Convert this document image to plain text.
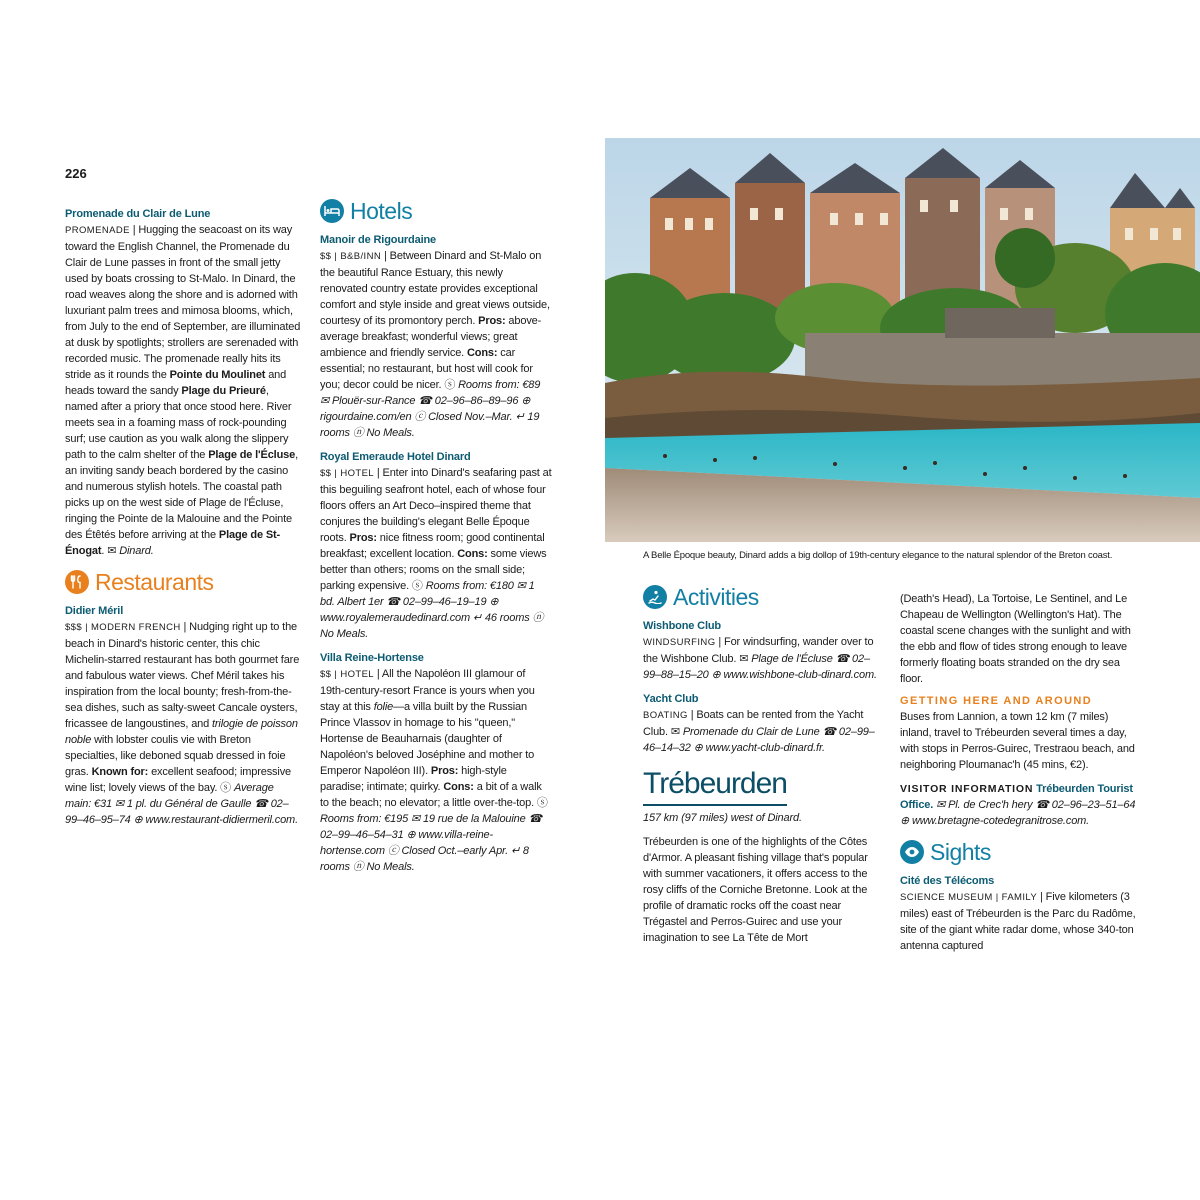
226

Promenade du Clair de Lune
PROMENADE | Hugging the seacoast on its way toward the English Channel, the Promenade du Clair de Lune passes in front of the small jetty used by boats crossing to St-Malo. In Dinard, the road weaves along the shore and is adorned with luxuriant palm trees and mimosa blooms, which, from July to the end of September, are illuminated at dusk by spotlights; strollers are serenaded with recorded music. The promenade really hits its stride as it rounds the Pointe du Moulinet and heads toward the sandy Plage du Prieuré, named after a priory that once stood here. River meets sea in a foaming mass of rock-pounding surf; use caution as you walk along the slippery path to the calm shelter of the Plage de l'Écluse, an inviting sandy beach bordered by the casino and numerous stylish hotels. The coastal path picks up on the west side of Plage de l'Écluse, ringing the Pointe de la Malouine and the Pointe des Étêtés before arriving at the Plage de St-Énogat. ✉ Dinard.

Restaurants

Didier Méril
$$$ | MODERN FRENCH | Nudging right up to the beach in Dinard's historic center, this chic Michelin-starred restaurant has both gourmet fare and fabulous water views. Chef Méril takes his inspiration from the local bounty; fresh-from-the-sea dishes, such as salty-sweet Cancale oysters, fricassee de langoustines, and trilogie de poisson noble with lobster coulis vie with Breton specialties, like deboned squab dressed in foie gras. Known for: excellent seafood; impressive wine list; lovely views of the bay. ⓢ Average main: €31 ✉ 1 pl. du Général de Gaulle ☎ 02–99–46–95–74 ⊕ www.restaurant-didiermeril.com.

Hotels

Manoir de Rigourdaine
$$ | B&B/INN | Between Dinard and St-Malo on the beautiful Rance Estuary, this newly renovated country estate provides exceptional comfort and style inside and great views outside, courtesy of its promontory perch. Pros: above-average breakfast; wonderful views; great ambience and friendly service. Cons: car essential; no restaurant, but host will cook for you; decor could be nicer. ⓢ Rooms from: €89 ✉ Plouër-sur-Rance ☎ 02–96–86–89–96 ⊕ rigourdaine.com/en ⓒ Closed Nov.–Mar. ↵ 19 rooms ⓝ No Meals.

Royal Emeraude Hotel Dinard
$$ | HOTEL | Enter into Dinard's seafaring past at this beguiling seafront hotel, each of whose four floors offers an Art Deco–inspired theme that conjures the building's elegant Belle Époque roots. Pros: nice fitness room; good continental breakfast; excellent location. Cons: some views better than others; rooms on the small side; parking expensive. ⓢ Rooms from: €180 ✉ 1 bd. Albert 1er ☎ 02–99–46–19–19 ⊕ www.royalemeraudedinard.com ↵ 46 rooms ⓝ No Meals.

Villa Reine-Hortense
$$ | HOTEL | All the Napoléon III glamour of 19th-century-resort France is yours when you stay at this folie—a villa built by the Russian Prince Vlassov in homage to his "queen," Hortense de Beauharnais (daughter of Napoléon's beloved Joséphine and mother to Emperor Napoléon III). Pros: high-style paradise; intimate; quirky. Cons: a bit of a walk to the beach; no elevator; a little over-the-top. ⓢ Rooms from: €195 ✉ 19 rue de la Malouine ☎ 02–99–46–54–31 ⊕ www.villa-reine-hortense.com ⓒ Closed Oct.–early Apr. ↵ 8 rooms ⓝ No Meals.

A Belle Époque beauty, Dinard adds a big dollop of 19th-century elegance to the natural splendor of the Breton coast.
Activities

Wishbone Club
WINDSURFING | For windsurfing, wander over to the Wishbone Club. ✉ Plage de l'Écluse ☎ 02–99–88–15–20 ⊕ www.wishbone-club-dinard.com.

Yacht Club
BOATING | Boats can be rented from the Yacht Club. ✉ Promenade du Clair de Lune ☎ 02–99–46–14–32 ⊕ www.yacht-club-dinard.fr.

Trébeurden

157 km (97 miles) west of Dinard.

Trébeurden is one of the highlights of the Côtes d'Armor. A pleasant fishing village that's popular with summer vacationers, it offers access to the rosy cliffs of the Corniche Bretonne. Look at the profile of dramatic rocks off the coast near Trégastel and Perros-Guirec and use your imagination to see La Tête de Mort

(Death's Head), La Tortoise, Le Sentinel, and Le Chapeau de Wellington (Wellington's Hat). The coastal scene changes with the sunlight and with the ebb and flow of tides strong enough to leave formerly floating boats stranded on the dry sea floor.

GETTING HERE AND AROUND

Buses from Lannion, a town 12 km (7 miles) inland, travel to Trébeurden several times a day, with stops in Perros-Guirec, Trestraou beach, and neighboring Ploumanac'h (45 mins, €2).

VISITOR INFORMATION Trébeurden Tourist Office. ✉ Pl. de Crec'h hery ☎ 02–96–23–51–64 ⊕ www.bretagne-cotedegranitrose.com.

Sights

Cité des Télécoms
SCIENCE MUSEUM | FAMILY | Five kilometers (3 miles) east of Trébeurden is the Parc du Radôme, site of the giant white radar dome, whose 340-ton antenna captured
